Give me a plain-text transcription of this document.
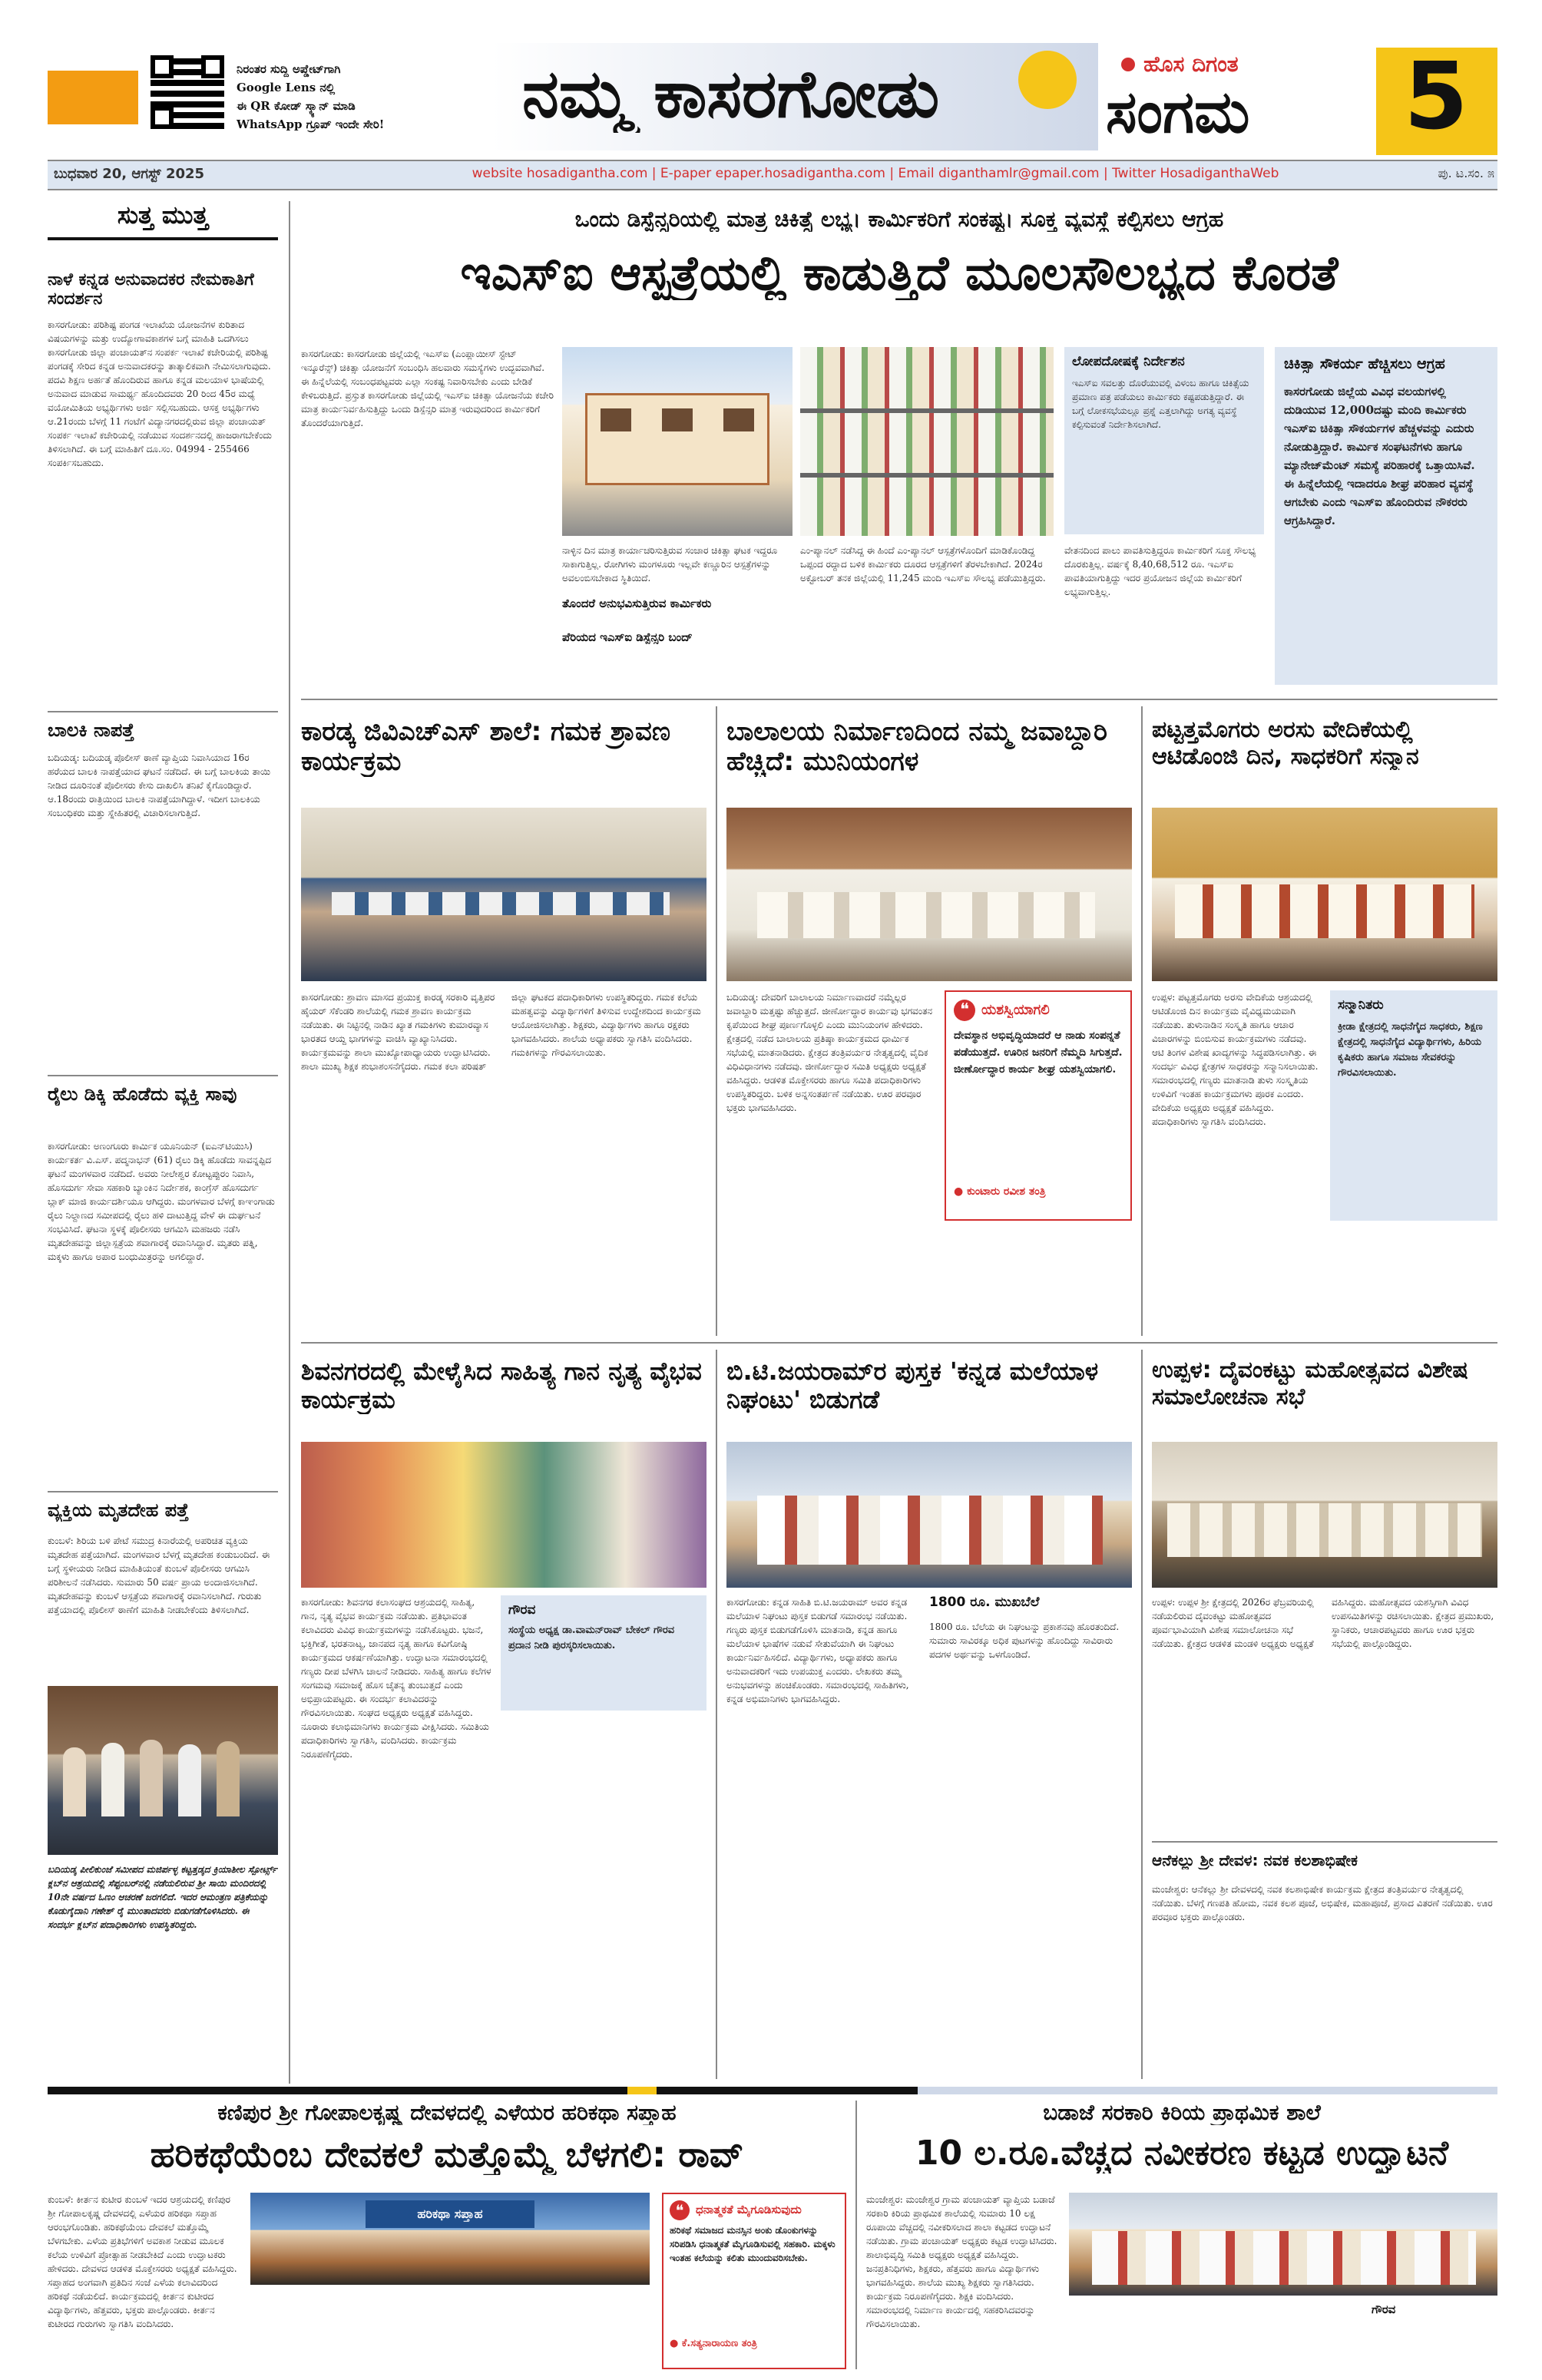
ನಿರಂತರ ಸುದ್ದಿ ಅಪ್ಡೇಟ್‌ಗಾಗಿ
Google Lens ನಲ್ಲಿ
ಈ QR ಕೋಡ್ ಸ್ಕ್ಯಾನ್ ಮಾಡಿ
WhatsApp ಗ್ರೂಪ್ ಇಂದೇ ಸೇರಿ!	ನಮ್ಮ ಕಾಸರಗೋಡು	ಹೊಸ ದಿಗಂತ
ಸಂಗಮ	5
ಬುಧವಾರ 20, ಆಗಸ್ಟ್ 2025	website hosadigantha.com | E-paper epaper.hosadigantha.com | Email diganthamlr@gmail.com | Twitter HosadiganthaWeb	ಪು. ಟ.ಸಂ. ೫
ಸುತ್ತ ಮುತ್ತ
ನಾಳೆ ಕನ್ನಡ ಅನುವಾದಕರ ನೇಮಕಾತಿಗೆ ಸಂದರ್ಶನ

ಕಾಸರಗೋಡು: ಪರಿಶಿಷ್ಟ ಪಂಗಡ ಇಲಾಖೆಯ ಯೋಜನೆಗಳ ಕುರಿತಾದ ವಿಷಯಗಳನ್ನು ಮತ್ತು ಉದ್ಯೋಗಾವಕಾಶಗಳ ಬಗ್ಗೆ ಮಾಹಿತಿ ಒದಗಿಸಲು ಕಾಸರಗೋಡು ಜಿಲ್ಲಾ ಪಂಚಾಯತ್‌ನ ಸಂಪರ್ಕ ಇಲಾಖೆ ಕಚೇರಿಯಲ್ಲಿ ಪರಿಶಿಷ್ಟ ಪಂಗಡಕ್ಕೆ ಸೇರಿದ ಕನ್ನಡ ಅನುವಾದಕರನ್ನು ತಾತ್ಕಾಲಿಕವಾಗಿ ನೇಮಿಸಲಾಗುವುದು. ಪದವಿ ಶಿಕ್ಷಣ ಅರ್ಹತೆ ಹೊಂದಿರುವ ಹಾಗೂ ಕನ್ನಡ ಮಲಯಾಳ ಭಾಷೆಯಲ್ಲಿ ಅನುವಾದ ಮಾಡುವ ಸಾಮರ್ಥ್ಯ ಹೊಂದಿದವರು 20 ರಿಂದ 45ರ ಮಧ್ಯೆ ವಯೋಮಿತಿಯ ಅಭ್ಯರ್ಥಿಗಳು ಅರ್ಜಿ ಸಲ್ಲಿಸಬಹುದು. ಆಸಕ್ತ ಅಭ್ಯರ್ಥಿಗಳು ಆ.21ರಂದು ಬೆಳಗ್ಗೆ 11 ಗಂಟೆಗೆ ವಿದ್ಯಾನಗರದಲ್ಲಿರುವ ಜಿಲ್ಲಾ ಪಂಚಾಯತ್ ಸಂಪರ್ಕ ಇಲಾಖೆ ಕಚೇರಿಯಲ್ಲಿ ನಡೆಯುವ ಸಂದರ್ಶನದಲ್ಲಿ ಹಾಜರಾಗಬೇಕೆಂದು ತಿಳಿಸಲಾಗಿದೆ. ಈ ಬಗ್ಗೆ ಮಾಹಿತಿಗೆ ದೂ.ಸಂ. 04994 - 255466 ಸಂಪರ್ಕಿಸಬಹುದು.

ಬಾಲಕಿ ನಾಪತ್ತೆ

ಬದಿಯಡ್ಕ: ಬದಿಯಡ್ಕ ಪೊಲೀಸ್ ಠಾಣೆ ವ್ಯಾಪ್ತಿಯ ನಿವಾಸಿಯಾದ 16ರ ಹರೆಯದ ಬಾಲಕಿ ನಾಪತ್ತೆಯಾದ ಘಟನೆ ನಡೆದಿದೆ. ಈ ಬಗ್ಗೆ ಬಾಲಕಿಯ ತಾಯಿ ನೀಡಿದ ದೂರಿನಂತೆ ಪೊಲೀಸರು ಕೇಸು ದಾಖಲಿಸಿ ತನಿಖೆ ಕೈಗೊಂಡಿದ್ದಾರೆ. ಆ.18ರಂದು ರಾತ್ರಿಯಿಂದ ಬಾಲಕಿ ನಾಪತ್ತೆಯಾಗಿದ್ದಾಳೆ. ಇದೀಗ ಬಾಲಕಿಯ ಸಂಬಂಧಿಕರು ಮತ್ತು ಸ್ನೇಹಿತರಲ್ಲಿ ವಿಚಾರಿಸಲಾಗುತ್ತಿದೆ.

ರೈಲು ಡಿಕ್ಕಿ ಹೊಡೆದು ವ್ಯಕ್ತಿ ಸಾವು

ಕಾಸರಗೋಡು: ಅಣಂಗೂರು ಕಾರ್ಮಿಕ ಯೂನಿಯನ್ (ಐಎನ್‌ಟಿಯುಸಿ) ಕಾರ್ಯಕರ್ತ ವಿ.ಎಸ್. ಪದ್ಮನಾಭನ್ (61) ರೈಲು ಡಿಕ್ಕಿ ಹೊಡೆದು ಸಾವನ್ನಪ್ಪಿದ ಘಟನೆ ಮಂಗಳವಾರ ನಡೆದಿದೆ. ಅವರು ನೀಲೇಶ್ವರ ಕೋಟ್ಟಪ್ಪುರಂ ನಿವಾಸಿ, ಹೊಸದುರ್ಗ ಸೇವಾ ಸಹಕಾರಿ ಬ್ಯಾಂಕಿನ ನಿರ್ದೇಶಕ, ಕಾಂಗ್ರೆಸ್ ಹೊಸದುರ್ಗ ಬ್ಲಾಕ್ ಮಾಜಿ ಕಾರ್ಯದರ್ಶಿಯೂ ಆಗಿದ್ದರು. ಮಂಗಳವಾರ ಬೆಳಗ್ಗೆ ಕಾಞಂಗಾಡು ರೈಲು ನಿಲ್ದಾಣದ ಸಮೀಪದಲ್ಲಿ ರೈಲು ಹಳಿ ದಾಟುತ್ತಿದ್ದ ವೇಳೆ ಈ ದುರ್ಘಟನೆ ಸಂಭವಿಸಿದೆ. ಘಟನಾ ಸ್ಥಳಕ್ಕೆ ಪೊಲೀಸರು ಆಗಮಿಸಿ ಮಹಜರು ನಡೆಸಿ ಮೃತದೇಹವನ್ನು ಜಿಲ್ಲಾಸ್ಪತ್ರೆಯ ಶವಾಗಾರಕ್ಕೆ ರವಾನಿಸಿದ್ದಾರೆ. ಮೃತರು ಪತ್ನಿ, ಮಕ್ಕಳು ಹಾಗೂ ಅಪಾರ ಬಂಧುಮಿತ್ರರನ್ನು ಅಗಲಿದ್ದಾರೆ.

ವ್ಯಕ್ತಿಯ ಮೃತದೇಹ ಪತ್ತೆ

ಕುಂಬಳೆ: ಶಿರಿಯ ಬಳಿ ಪೇಟೆ ಸಮುದ್ರ ಕಿನಾರೆಯಲ್ಲಿ ಅಪರಿಚಿತ ವ್ಯಕ್ತಿಯ ಮೃತದೇಹ ಪತ್ತೆಯಾಗಿದೆ. ಮಂಗಳವಾರ ಬೆಳಗ್ಗೆ ಮೃತದೇಹ ಕಂಡುಬಂದಿದೆ. ಈ ಬಗ್ಗೆ ಸ್ಥಳೀಯರು ನೀಡಿದ ಮಾಹಿತಿಯಂತೆ ಕುಂಬಳೆ ಪೊಲೀಸರು ಆಗಮಿಸಿ ಪರಿಶೀಲನೆ ನಡೆಸಿದರು. ಸುಮಾರು 50 ವರ್ಷ ಪ್ರಾಯ ಅಂದಾಜಿಸಲಾಗಿದೆ. ಮೃತದೇಹವನ್ನು ಕುಂಬಳೆ ಆಸ್ಪತ್ರೆಯ ಶವಾಗಾರಕ್ಕೆ ರವಾನಿಸಲಾಗಿದೆ. ಗುರುತು ಪತ್ತೆಯಾದಲ್ಲಿ ಪೊಲೀಸ್ ಠಾಣೆಗೆ ಮಾಹಿತಿ ನೀಡಬೇಕೆಂದು ತಿಳಿಸಲಾಗಿದೆ.

ಬದಿಯಡ್ಕ ಪೀಲಿಕುಂಜೆ ಸಮೀಪದ ಮಜಿರ್ಪಳ್ಳ ಕಟ್ಟತ್ತಡ್ಕದ ಕ್ರಿಯಾಶೀಲ ಸ್ಪೋರ್ಟ್ಸ್ ಕ್ಲಬ್‌ನ ಆಶ್ರಯದಲ್ಲಿ ಸೆಪ್ಟಂಬರ್‌ನಲ್ಲಿ ನಡೆಯಲಿರುವ ಶ್ರೀ ಸಾಯಿ ಮಂದಿರದಲ್ಲಿ 10ನೇ ವರ್ಷದ ಓಣಂ ಆಚರಣೆ ಜರಗಲಿದೆ. ಇದರ ಆಮಂತ್ರಣ ಪತ್ರಿಕೆಯನ್ನು ಕೊಡುಗೈದಾನಿ ಗಣೇಶ್ ರೈ ಮುಂತಾದವರು ಬಿಡುಗಡೆಗೊಳಿಸಿದರು. ಈ ಸಂದರ್ಭ ಕ್ಲಬ್‌ನ ಪದಾಧಿಕಾರಿಗಳು ಉಪಸ್ಥಿತರಿದ್ದರು.

ಒಂದು ಡಿಸ್ಪೆನ್ಸರಿಯಲ್ಲಿ ಮಾತ್ರ ಚಿಕಿತ್ಸೆ ಲಭ್ಯ। ಕಾರ್ಮಿಕರಿಗೆ ಸಂಕಷ್ಟ। ಸೂಕ್ತ ವ್ಯವಸ್ಥೆ ಕಲ್ಪಿಸಲು ಆಗ್ರಹ
ಇಎಸ್‌ಐ ಆಸ್ಪತ್ರೆಯಲ್ಲಿ ಕಾಡುತ್ತಿದೆ ಮೂಲಸೌಲಭ್ಯದ ಕೊರತೆ

ಕಾಸರಗೋಡು: ಕಾಸರಗೋಡು ಜಿಲ್ಲೆಯಲ್ಲಿ ಇಎಸ್‌ಐ (ಎಂಪ್ಲಾಯೀಸ್ ಸ್ಟೇಟ್ ಇನ್ಶೂರೆನ್ಸ್) ಚಿಕಿತ್ಸಾ ಯೋಜನೆಗೆ ಸಂಬಂಧಿಸಿ ಹಲವಾರು ಸಮಸ್ಯೆಗಳು ಉದ್ಭವವಾಗಿವೆ. ಈ ಹಿನ್ನೆಲೆಯಲ್ಲಿ ಸಂಬಂಧಪಟ್ಟವರು ಎಲ್ಲಾ ಸಂಕಷ್ಟ ನಿವಾರಿಸಬೇಕು ಎಂದು ಬೇಡಿಕೆ ಕೇಳಿಬರುತ್ತಿದೆ. ಪ್ರಸ್ತುತ ಕಾಸರಗೋಡು ಜಿಲ್ಲೆಯಲ್ಲಿ ಇಎಸ್‌ಐ ಚಿಕಿತ್ಸಾ ಯೋಜನೆಯ ಕಚೇರಿ ಮಾತ್ರ ಕಾರ್ಯನಿರ್ವಹಿಸುತ್ತಿದ್ದು ಒಂದು ಡಿಸ್ಪೆನ್ಸರಿ ಮಾತ್ರ ಇರುವುದರಿಂದ ಕಾರ್ಮಿಕರಿಗೆ ತೊಂದರೆಯಾಗುತ್ತಿದೆ.

ನಾಳ್ಳಿನ ದಿನ ಮಾತ್ರ ಕಾರ್ಯಾಚರಿಸುತ್ತಿರುವ ಸಂಚಾರ ಚಿಕಿತ್ಸಾ ಘಟಕ ಇದ್ದರೂ ಸಾಕಾಗುತ್ತಿಲ್ಲ. ರೋಗಿಗಳು ಮಂಗಳೂರು ಇಲ್ಲವೇ ಕಣ್ಣೂರಿನ ಆಸ್ಪತ್ರೆಗಳನ್ನು ಅವಲಂಬಿಸಬೇಕಾದ ಸ್ಥಿತಿಯಿದೆ.

ತೊಂದರೆ ಅನುಭವಿಸುತ್ತಿರುವ ಕಾರ್ಮಿಕರು
ಪೆರಿಯದ ಇಎಸ್‌ಐ ಡಿಸ್ಪೆನ್ಸರಿ ಬಂದ್

ಎಂ-ಪ್ಯಾನಲ್ ನಡೆಸಿದ್ದ ಈ ಹಿಂದೆ ಎಂ-ಪ್ಯಾನಲ್ ಆಸ್ಪತ್ರೆಗಳೊಂದಿಗೆ ಮಾಡಿಕೊಂಡಿದ್ದ ಒಪ್ಪಂದ ರದ್ದಾದ ಬಳಿಕ ಕಾರ್ಮಿಕರು ದೂರದ ಆಸ್ಪತ್ರೆಗಳಿಗೆ ತೆರಳಬೇಕಾಗಿದೆ. 2024ರ ಅಕ್ಟೋಬರ್ ತನಕ ಜಿಲ್ಲೆಯಲ್ಲಿ 11,245 ಮಂದಿ ಇಎಸ್‌ಐ ಸೌಲಭ್ಯ ಪಡೆಯುತ್ತಿದ್ದರು.

ಲೋಪದೋಷಕ್ಕೆ ನಿರ್ದೇಶನ

ಇಎಸ್‌ಐ ಸವಲತ್ತು ದೊರೆಯುವಲ್ಲಿ ವಿಳಂಬ ಹಾಗೂ ಚಿಕಿತ್ಸೆಯ ಪ್ರಮಾಣ ಪತ್ರ ಪಡೆಯಲು ಕಾರ್ಮಿಕರು ಕಷ್ಟಪಡುತ್ತಿದ್ದಾರೆ. ಈ ಬಗ್ಗೆ ಲೋಕಸಭೆಯಲ್ಲೂ ಪ್ರಶ್ನೆ ಎತ್ತಲಾಗಿದ್ದು ಅಗತ್ಯ ವ್ಯವಸ್ಥೆ ಕಲ್ಪಿಸುವಂತೆ ನಿರ್ದೇಶಿಸಲಾಗಿದೆ.

ವೇತನದಿಂದ ಪಾಲು ಪಾವತಿಸುತ್ತಿದ್ದರೂ ಕಾರ್ಮಿಕರಿಗೆ ಸೂಕ್ತ ಸೌಲಭ್ಯ ದೊರಕುತ್ತಿಲ್ಲ. ವರ್ಷಕ್ಕೆ 8,40,68,512 ರೂ. ಇಎಸ್‌ಐ ಪಾವತಿಯಾಗುತ್ತಿದ್ದು ಇದರ ಪ್ರಯೋಜನ ಜಿಲ್ಲೆಯ ಕಾರ್ಮಿಕರಿಗೆ ಲಭ್ಯವಾಗುತ್ತಿಲ್ಲ.

ಚಿಕಿತ್ಸಾ ಸೌಕರ್ಯ ಹೆಚ್ಚಿಸಲು ಆಗ್ರಹ

ಕಾಸರಗೋಡು ಜಿಲ್ಲೆಯ ವಿವಿಧ ವಲಯಗಳಲ್ಲಿ ದುಡಿಯುವ 12,000ದಷ್ಟು ಮಂದಿ ಕಾರ್ಮಿಕರು ಇಎಸ್‌ಐ ಚಿಕಿತ್ಸಾ ಸೌಕರ್ಯಗಳ ಹೆಚ್ಚಳವನ್ನು ಎದುರು ನೋಡುತ್ತಿದ್ದಾರೆ. ಕಾರ್ಮಿಕ ಸಂಘಟನೆಗಳು ಹಾಗೂ ಮ್ಯಾನೇಜ್‌ಮೆಂಟ್ ಸಮಸ್ಯೆ ಪರಿಹಾರಕ್ಕೆ ಒತ್ತಾಯಿಸಿವೆ. ಈ ಹಿನ್ನೆಲೆಯಲ್ಲಿ ಇದಾದರೂ ಶೀಘ್ರ ಪರಿಹಾರ ವ್ಯವಸ್ಥೆ ಆಗಬೇಕು ಎಂದು ಇಎಸ್‌ಐ ಹೊಂದಿರುವ ನೌಕರರು ಆಗ್ರಹಿಸಿದ್ದಾರೆ.

ಕಾರಡ್ಕ ಜಿವಿಎಚ್‌ಎಸ್ ಶಾಲೆ: ಗಮಕ ಶ್ರಾವಣ ಕಾರ್ಯಕ್ರಮ

ಕಾಸರಗೋಡು: ಶ್ರಾವಣ ಮಾಸದ ಪ್ರಯುಕ್ತ ಕಾರಡ್ಕ ಸರಕಾರಿ ವೃತ್ತಿಪರ ಹೈಯರ್ ಸೆಕೆಂಡರಿ ಶಾಲೆಯಲ್ಲಿ ಗಮಕ ಶ್ರಾವಣ ಕಾರ್ಯಕ್ರಮ ನಡೆಯಿತು. ಈ ನಿಟ್ಟಿನಲ್ಲಿ ನಾಡಿನ ಖ್ಯಾತ ಗಮಕಿಗಳು ಕುಮಾರವ್ಯಾಸ ಭಾರತದ ಆಯ್ದ ಭಾಗಗಳನ್ನು ವಾಚಿಸಿ ವ್ಯಾಖ್ಯಾನಿಸಿದರು. ಕಾರ್ಯಕ್ರಮವನ್ನು ಶಾಲಾ ಮುಖ್ಯೋಪಾಧ್ಯಾಯರು ಉದ್ಘಾಟಿಸಿದರು. ಶಾಲಾ ಮುಖ್ಯ ಶಿಕ್ಷಕ ಶುಭಾಶಂಸನೆಗೈದರು. ಗಮಕ ಕಲಾ ಪರಿಷತ್ ಜಿಲ್ಲಾ ಘಟಕದ ಪದಾಧಿಕಾರಿಗಳು ಉಪಸ್ಥಿತರಿದ್ದರು. ಗಮಕ ಕಲೆಯ ಮಹತ್ವವನ್ನು ವಿದ್ಯಾರ್ಥಿಗಳಿಗೆ ತಿಳಿಸುವ ಉದ್ದೇಶದಿಂದ ಕಾರ್ಯಕ್ರಮ ಆಯೋಜಿಸಲಾಗಿತ್ತು. ಶಿಕ್ಷಕರು, ವಿದ್ಯಾರ್ಥಿಗಳು ಹಾಗೂ ರಕ್ಷಕರು ಭಾಗವಹಿಸಿದರು. ಶಾಲೆಯ ಅಧ್ಯಾಪಕರು ಸ್ವಾಗತಿಸಿ ವಂದಿಸಿದರು. ಗಮಕಿಗಳನ್ನು ಗೌರವಿಸಲಾಯಿತು.

ಬಾಲಾಲಯ ನಿರ್ಮಾಣದಿಂದ ನಮ್ಮ ಜವಾಬ್ದಾರಿ ಹೆಚ್ಚಿದೆ: ಮುನಿಯಂಗಳ

ಬದಿಯಡ್ಕ: ದೇವರಿಗೆ ಬಾಲಾಲಯ ನಿರ್ಮಾಣವಾದರೆ ನಮ್ಮೆಲ್ಲರ ಜವಾಬ್ದಾರಿ ಮತ್ತಷ್ಟು ಹೆಚ್ಚುತ್ತದೆ. ಜೀರ್ಣೋದ್ಧಾರ ಕಾರ್ಯವು ಭಗವಂತನ ಕೃಪೆಯಿಂದ ಶೀಘ್ರ ಪೂರ್ಣಗೊಳ್ಳಲಿ ಎಂದು ಮುನಿಯಂಗಳ ಹೇಳಿದರು. ಕ್ಷೇತ್ರದಲ್ಲಿ ನಡೆದ ಬಾಲಾಲಯ ಪ್ರತಿಷ್ಠಾ ಕಾರ್ಯಕ್ರಮದ ಧಾರ್ಮಿಕ ಸಭೆಯಲ್ಲಿ ಮಾತನಾಡಿದರು. ಕ್ಷೇತ್ರದ ತಂತ್ರಿವರ್ಯರ ನೇತೃತ್ವದಲ್ಲಿ ವೈದಿಕ ವಿಧಿವಿಧಾನಗಳು ನಡೆದವು. ಜೀರ್ಣೋದ್ಧಾರ ಸಮಿತಿ ಅಧ್ಯಕ್ಷರು ಅಧ್ಯಕ್ಷತೆ ವಹಿಸಿದ್ದರು. ಆಡಳಿತ ಮೊಕ್ತೇಸರರು ಹಾಗೂ ಸಮಿತಿ ಪದಾಧಿಕಾರಿಗಳು ಉಪಸ್ಥಿತರಿದ್ದರು. ಬಳಿಕ ಅನ್ನಸಂತರ್ಪಣೆ ನಡೆಯಿತು. ಊರ ಪರವೂರ ಭಕ್ತರು ಭಾಗವಹಿಸಿದರು.

❝ ಯಶಸ್ವಿಯಾಗಲಿ

ದೇವಸ್ಥಾನ ಅಭಿವೃದ್ಧಿಯಾದರೆ ಆ ನಾಡು ಸಂಪನ್ನತೆ ಪಡೆಯುತ್ತದೆ. ಊರಿನ ಜನರಿಗೆ ನೆಮ್ಮದಿ ಸಿಗುತ್ತದೆ. ಜೀರ್ಣೋದ್ಧಾರ ಕಾರ್ಯ ಶೀಘ್ರ ಯಶಸ್ವಿಯಾಗಲಿ.

● ಕುಂಟಾರು ರವೀಶ ತಂತ್ರಿ

ಪಟ್ಟತ್ತಮೊಗರು ಅರಸು ವೇದಿಕೆಯಲ್ಲಿ ಆಟಿಡೊಂಜಿ ದಿನ, ಸಾಧಕರಿಗೆ ಸನ್ಮಾನ

ಉಪ್ಪಳ: ಪಟ್ಟತ್ತಮೊಗರು ಅರಸು ವೇದಿಕೆಯ ಆಶ್ರಯದಲ್ಲಿ ಆಟಿಡೊಂಜಿ ದಿನ ಕಾರ್ಯಕ್ರಮ ವೈವಿಧ್ಯಮಯವಾಗಿ ನಡೆಯಿತು. ತುಳುನಾಡಿನ ಸಂಸ್ಕೃತಿ ಹಾಗೂ ಆಚಾರ ವಿಚಾರಗಳನ್ನು ಬಿಂಬಿಸುವ ಕಾರ್ಯಕ್ರಮಗಳು ನಡೆದವು. ಆಟಿ ತಿಂಗಳ ವಿಶೇಷ ಖಾದ್ಯಗಳನ್ನು ಸಿದ್ಧಪಡಿಸಲಾಗಿತ್ತು. ಈ ಸಂದರ್ಭ ವಿವಿಧ ಕ್ಷೇತ್ರಗಳ ಸಾಧಕರನ್ನು ಸನ್ಮಾನಿಸಲಾಯಿತು. ಸಮಾರಂಭದಲ್ಲಿ ಗಣ್ಯರು ಮಾತನಾಡಿ ತುಳು ಸಂಸ್ಕೃತಿಯ ಉಳಿವಿಗೆ ಇಂತಹ ಕಾರ್ಯಕ್ರಮಗಳು ಪೂರಕ ಎಂದರು. ವೇದಿಕೆಯ ಅಧ್ಯಕ್ಷರು ಅಧ್ಯಕ್ಷತೆ ವಹಿಸಿದ್ದರು. ಪದಾಧಿಕಾರಿಗಳು ಸ್ವಾಗತಿಸಿ ವಂದಿಸಿದರು.

ಸನ್ಮಾನಿತರು

ಕ್ರೀಡಾ ಕ್ಷೇತ್ರದಲ್ಲಿ ಸಾಧನೆಗೈದ ಸಾಧಕರು, ಶಿಕ್ಷಣ ಕ್ಷೇತ್ರದಲ್ಲಿ ಸಾಧನೆಗೈದ ವಿದ್ಯಾರ್ಥಿಗಳು, ಹಿರಿಯ ಕೃಷಿಕರು ಹಾಗೂ ಸಮಾಜ ಸೇವಕರನ್ನು ಗೌರವಿಸಲಾಯಿತು.

ಶಿವನಗರದಲ್ಲಿ ಮೇಳೈಸಿದ ಸಾಹಿತ್ಯ ಗಾನ ನೃತ್ಯ ವೈಭವ ಕಾರ್ಯಕ್ರಮ
ಗೌರವ

ಸಂಸ್ಥೆಯ ಅಧ್ಯಕ್ಷ ಡಾ.ವಾಮನ್‌ರಾವ್ ಬೇಕಲ್ ಗೌರವ ಪ್ರದಾನ ನೀಡಿ ಪುರಸ್ಕರಿಸಲಾಯಿತು.

ಕಾಸರಗೋಡು: ಶಿವನಗರ ಕಲಾಸಂಘದ ಆಶ್ರಯದಲ್ಲಿ ಸಾಹಿತ್ಯ, ಗಾನ, ನೃತ್ಯ ವೈಭವ ಕಾರ್ಯಕ್ರಮ ನಡೆಯಿತು. ಪ್ರತಿಭಾವಂತ ಕಲಾವಿದರು ವಿವಿಧ ಕಾರ್ಯಕ್ರಮಗಳನ್ನು ನಡೆಸಿಕೊಟ್ಟರು. ಭಜನೆ, ಭಕ್ತಿಗೀತೆ, ಭರತನಾಟ್ಯ, ಜಾನಪದ ನೃತ್ಯ ಹಾಗೂ ಕವಿಗೋಷ್ಠಿ ಕಾರ್ಯಕ್ರಮದ ಆಕರ್ಷಣೆಯಾಗಿತ್ತು. ಉದ್ಘಾಟನಾ ಸಮಾರಂಭದಲ್ಲಿ ಗಣ್ಯರು ದೀಪ ಬೆಳಗಿಸಿ ಚಾಲನೆ ನೀಡಿದರು. ಸಾಹಿತ್ಯ ಹಾಗೂ ಕಲೆಗಳ ಸಂಗಮವು ಸಮಾಜಕ್ಕೆ ಹೊಸ ಚೈತನ್ಯ ತುಂಬುತ್ತದೆ ಎಂದು ಅಭಿಪ್ರಾಯಪಟ್ಟರು. ಈ ಸಂದರ್ಭ ಕಲಾವಿದರನ್ನು ಗೌರವಿಸಲಾಯಿತು. ಸಂಘದ ಅಧ್ಯಕ್ಷರು ಅಧ್ಯಕ್ಷತೆ ವಹಿಸಿದ್ದರು. ನೂರಾರು ಕಲಾಭಿಮಾನಿಗಳು ಕಾರ್ಯಕ್ರಮ ವೀಕ್ಷಿಸಿದರು. ಸಮಿತಿಯ ಪದಾಧಿಕಾರಿಗಳು ಸ್ವಾಗತಿಸಿ, ವಂದಿಸಿದರು. ಕಾರ್ಯಕ್ರಮ ನಿರೂಪಣೆಗೈದರು.

ಬಿ.ಟಿ.ಜಯರಾಮ್‌ರ ಪುಸ್ತಕ 'ಕನ್ನಡ ಮಲೆಯಾಳ ನಿಘಂಟು' ಬಿಡುಗಡೆ

ಕಾಸರಗೋಡು: ಕನ್ನಡ ಸಾಹಿತಿ ಬಿ.ಟಿ.ಜಯರಾಮ್ ಅವರ ಕನ್ನಡ ಮಲೆಯಾಳ ನಿಘಂಟು ಪುಸ್ತಕ ಬಿಡುಗಡೆ ಸಮಾರಂಭ ನಡೆಯಿತು. ಗಣ್ಯರು ಪುಸ್ತಕ ಬಿಡುಗಡೆಗೊಳಿಸಿ ಮಾತನಾಡಿ, ಕನ್ನಡ ಹಾಗೂ ಮಲೆಯಾಳ ಭಾಷೆಗಳ ನಡುವೆ ಸೇತುವೆಯಾಗಿ ಈ ನಿಘಂಟು ಕಾರ್ಯನಿರ್ವಹಿಸಲಿದೆ. ವಿದ್ಯಾರ್ಥಿಗಳು, ಅಧ್ಯಾಪಕರು ಹಾಗೂ ಅನುವಾದಕರಿಗೆ ಇದು ಉಪಯುಕ್ತ ಎಂದರು. ಲೇಖಕರು ತಮ್ಮ ಅನುಭವಗಳನ್ನು ಹಂಚಿಕೊಂಡರು. ಸಮಾರಂಭದಲ್ಲಿ ಸಾಹಿತಿಗಳು, ಕನ್ನಡ ಅಭಿಮಾನಿಗಳು ಭಾಗವಹಿಸಿದ್ದರು.

1800 ರೂ. ಮುಖಬೆಲೆ

1800 ರೂ. ಬೆಲೆಯ ಈ ನಿಘಂಟನ್ನು ಪ್ರಕಾಶನವು ಹೊರತಂದಿದೆ. ಸುಮಾರು ಸಾವಿರಕ್ಕೂ ಅಧಿಕ ಪುಟಗಳನ್ನು ಹೊಂದಿದ್ದು ಸಾವಿರಾರು ಪದಗಳ ಅರ್ಥವನ್ನು ಒಳಗೊಂಡಿದೆ.

ಉಪ್ಪಳ: ದೈವಂಕಟ್ಟು ಮಹೋತ್ಸವದ ವಿಶೇಷ ಸಮಾಲೋಚನಾ ಸಭೆ

ಉಪ್ಪಳ: ಉಪ್ಪಳ ಶ್ರೀ ಕ್ಷೇತ್ರದಲ್ಲಿ 2026ರ ಫೆಬ್ರವರಿಯಲ್ಲಿ ನಡೆಯಲಿರುವ ದೈವಂಕಟ್ಟು ಮಹೋತ್ಸವದ ಪೂರ್ವಭಾವಿಯಾಗಿ ವಿಶೇಷ ಸಮಾಲೋಚನಾ ಸಭೆ ನಡೆಯಿತು. ಕ್ಷೇತ್ರದ ಆಡಳಿತ ಮಂಡಳಿ ಅಧ್ಯಕ್ಷರು ಅಧ್ಯಕ್ಷತೆ ವಹಿಸಿದ್ದರು. ಮಹೋತ್ಸವದ ಯಶಸ್ಸಿಗಾಗಿ ವಿವಿಧ ಉಪಸಮಿತಿಗಳನ್ನು ರಚಿಸಲಾಯಿತು. ಕ್ಷೇತ್ರದ ಪ್ರಮುಖರು, ಸ್ಥಾನಿಕರು, ಆಚಾರಪಟ್ಟವರು ಹಾಗೂ ಊರ ಭಕ್ತರು ಸಭೆಯಲ್ಲಿ ಪಾಲ್ಗೊಂಡಿದ್ದರು.

ಆನೆಕಲ್ಲು ಶ್ರೀ ದೇವಳ: ನವಕ ಕಲಶಾಭಿಷೇಕ

ಮಂಜೇಶ್ವರ: ಆನೆಕಲ್ಲು ಶ್ರೀ ದೇವಳದಲ್ಲಿ ನವಕ ಕಲಶಾಭಿಷೇಕ ಕಾರ್ಯಕ್ರಮ ಕ್ಷೇತ್ರದ ತಂತ್ರಿವರ್ಯರ ನೇತೃತ್ವದಲ್ಲಿ ನಡೆಯಿತು. ಬೆಳಗ್ಗೆ ಗಣಪತಿ ಹೋಮ, ನವಕ ಕಲಶ ಪೂಜೆ, ಅಭಿಷೇಕ, ಮಹಾಪೂಜೆ, ಪ್ರಸಾದ ವಿತರಣೆ ನಡೆಯಿತು. ಊರ ಪರವೂರ ಭಕ್ತರು ಪಾಲ್ಗೊಂಡರು.

ಕಣಿಪುರ ಶ್ರೀ ಗೋಪಾಲಕೃಷ್ಣ ದೇವಳದಲ್ಲಿ ಎಳೆಯರ ಹರಿಕಥಾ ಸಪ್ತಾಹ
ಹರಿಕಥೆಯೆಂಬ ದೇವಕಲೆ ಮತ್ತೊಮ್ಮೆ ಬೆಳಗಲಿ: ರಾವ್

ಕುಂಬಳೆ: ಕೀರ್ತನ ಕುಟೀರ ಕುಂಬಳೆ ಇದರ ಆಶ್ರಯದಲ್ಲಿ ಕಣಿಪುರ ಶ್ರೀ ಗೋಪಾಲಕೃಷ್ಣ ದೇವಳದಲ್ಲಿ ಎಳೆಯರ ಹರಿಕಥಾ ಸಪ್ತಾಹ ಆರಂಭಗೊಂಡಿತು. ಹರಿಕಥೆಯೆಂಬ ದೇವಕಲೆ ಮತ್ತೊಮ್ಮೆ ಬೆಳಗಬೇಕು. ಎಳೆಯ ಪ್ರತಿಭೆಗಳಿಗೆ ಅವಕಾಶ ನೀಡುವ ಮೂಲಕ ಕಲೆಯ ಉಳಿವಿಗೆ ಪ್ರೋತ್ಸಾಹ ನೀಡಬೇಕಿದೆ ಎಂದು ಉದ್ಘಾಟಕರು ಹೇಳಿದರು. ದೇವಳದ ಆಡಳಿತ ಮೊಕ್ತೇಸರರು ಅಧ್ಯಕ್ಷತೆ ವಹಿಸಿದ್ದರು. ಸಪ್ತಾಹದ ಅಂಗವಾಗಿ ಪ್ರತಿದಿನ ಸಂಜೆ ಎಳೆಯ ಕಲಾವಿದರಿಂದ ಹರಿಕಥೆ ನಡೆಯಲಿದೆ. ಕಾರ್ಯಕ್ರಮದಲ್ಲಿ ಕೀರ್ತನ ಕುಟೀರದ ವಿದ್ಯಾರ್ಥಿಗಳು, ಹೆತ್ತವರು, ಭಕ್ತರು ಪಾಲ್ಗೊಂಡರು. ಕೀರ್ತನ ಕುಟೀರದ ಗುರುಗಳು ಸ್ವಾಗತಿಸಿ ವಂದಿಸಿದರು.

ಹರಿಕಥಾ ಸಪ್ತಾಹ	❝	ಧನಾತ್ಮಕತೆ ಮೈಗೂಡಿಸುವುದು

ಹರಿಕಥೆ ಸಮಾಜದ ಮನಸ್ಸಿನ ಅಂಕು ಡೊಂಕುಗಳನ್ನು ಸರಿಪಡಿಸಿ ಧನಾತ್ಮಕತೆ ಮೈಗೂಡಿಸುವಲ್ಲಿ ಸಹಕಾರಿ. ಮಕ್ಕಳು ಇಂತಹ ಕಲೆಯನ್ನು ಕಲಿತು ಮುಂದುವರಿಸಬೇಕು.

● ಕೆ.ಸತ್ಯನಾರಾಯಣ ತಂತ್ರಿ
ಬಡಾಜೆ ಸರಕಾರಿ ಕಿರಿಯ ಪ್ರಾಥಮಿಕ ಶಾಲೆ
10 ಲ.ರೂ.ವೆಚ್ಚದ ನವೀಕರಣ ಕಟ್ಟಡ ಉದ್ಘಾಟನೆ

ಮಂಜೇಶ್ವರ: ಮಂಜೇಶ್ವರ ಗ್ರಾಮ ಪಂಚಾಯತ್ ವ್ಯಾಪ್ತಿಯ ಬಡಾಜೆ ಸರಕಾರಿ ಕಿರಿಯ ಪ್ರಾಥಮಿಕ ಶಾಲೆಯಲ್ಲಿ ಸುಮಾರು 10 ಲಕ್ಷ ರೂಪಾಯಿ ವೆಚ್ಚದಲ್ಲಿ ನವೀಕರಿಸಲಾದ ಶಾಲಾ ಕಟ್ಟಡದ ಉದ್ಘಾಟನೆ ನಡೆಯಿತು. ಗ್ರಾಮ ಪಂಚಾಯತ್ ಅಧ್ಯಕ್ಷರು ಕಟ್ಟಡ ಉದ್ಘಾಟಿಸಿದರು. ಶಾಲಾಭಿವೃದ್ಧಿ ಸಮಿತಿ ಅಧ್ಯಕ್ಷರು ಅಧ್ಯಕ್ಷತೆ ವಹಿಸಿದ್ದರು. ಜನಪ್ರತಿನಿಧಿಗಳು, ಶಿಕ್ಷಕರು, ಹೆತ್ತವರು ಹಾಗೂ ವಿದ್ಯಾರ್ಥಿಗಳು ಭಾಗವಹಿಸಿದ್ದರು. ಶಾಲೆಯ ಮುಖ್ಯ ಶಿಕ್ಷಕರು ಸ್ವಾಗತಿಸಿದರು. ಕಾರ್ಯಕ್ರಮ ನಿರೂಪಣೆಗೈದರು. ಶಿಕ್ಷಕಿ ವಂದಿಸಿದರು. ಸಮಾರಂಭದಲ್ಲಿ ನಿರ್ಮಾಣ ಕಾರ್ಯದಲ್ಲಿ ಸಹಕರಿಸಿದವರನ್ನು ಗೌರವಿಸಲಾಯಿತು.

ಗೌರವ
